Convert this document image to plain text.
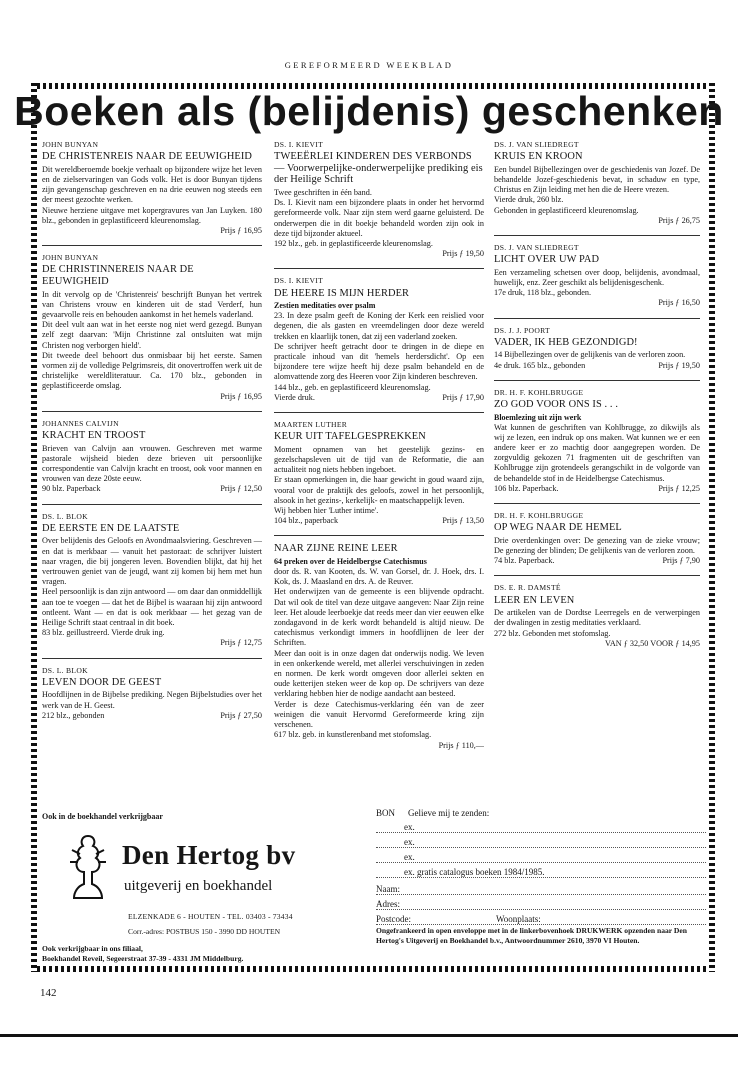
GEREFORMEERD WEEKBLAD
Boeken als (belijdenis) geschenken
JOHN BUNYAN
DE CHRISTENREIS NAAR DE EEUWIGHEID

Dit wereldberoemde boekje verhaalt op bijzondere wijze het leven en de zielservaringen van Gods volk. Het is door Bunyan tijdens zijn gevangenschap geschreven en na drie eeuwen nog steeds een der meest gezochte werken.

Nieuwe herziene uitgave met kopergravures van Jan Luyken. 180 blz., gebonden in geplastificeerd kleurenomslag.

Prijs ƒ 16,95
JOHN BUNYAN
DE CHRISTINNEREIS NAAR DE EEUWIGHEID

In dit vervolg op de 'Christenreis' beschrijft Bunyan het vertrek van Christens vrouw en kinderen uit de stad Verderf, hun gevaarvolle reis en behouden aankomst in het hemels vaderland.

Dit deel vult aan wat in het eerste nog niet werd gezegd. Bunyan zelf zegt daarvan: 'Mijn Christinne zal ontsluiten wat mijn Christen nog verborgen hield'.

Dit tweede deel behoort dus onmisbaar bij het eerste. Samen vormen zij de volledige Pelgrimsreis, dit onovertroffen werk uit de christelijke wereldliteratuur. Ca. 170 blz., gebonden in geplastificeerde omslag.

Prijs ƒ 16,95
JOHANNES CALVIJN
KRACHT EN TROOST

Brieven van Calvijn aan vrouwen. Geschreven met warme pastorale wijsheid bieden deze brieven uit persoonlijke correspondentie van Calvijn kracht en troost, ook voor mannen en vrouwen van deze 20ste eeuw.

90 blz. Paperback	Prijs ƒ 12,50
DS. L. BLOK
DE EERSTE EN DE LAATSTE

Over belijdenis des Geloofs en Avondmaalsviering. Geschreven — en dat is merkbaar — vanuit het pastoraat: de schrijver luistert naar vragen, die bij jongeren leven. Bovendien blijkt, dat hij het vertrouwen geniet van de jeugd, want zij komen bij hem met hun vragen.

Heel persoonlijk is dan zijn antwoord — om daar dan onmiddellijk aan toe te voegen — dat het de Bijbel is waaraan hij zijn antwoord ontleent. Want — en dat is ook merkbaar — het gezag van de Heilige Schrift staat centraal in dit boek.

83 blz. geillustreerd. Vierde druk ing.

Prijs ƒ 12,75
DS. L. BLOK
LEVEN DOOR DE GEEST

Hoofdlijnen in de Bijbelse prediking. Negen Bijbelstudies over het werk van de H. Geest.

212 blz., gebonden	Prijs ƒ 27,50
DS. I. KIEVIT
TWEEËRLEI KINDEREN DES VERBONDS — Voorwerpelijke-onderwerpelijke prediking eis der Heilige Schrift

Twee geschriften in één band.

Ds. I. Kievit nam een bijzondere plaats in onder het hervormd gereformeerde volk. Naar zijn stem werd gaarne geluisterd. De onderwerpen die in dit boekje behandeld worden zijn ook in deze tijd bijzonder aktueel.

192 blz., geb. in geplastificeerde kleurenomslag.

Prijs ƒ 19,50
DS. I. KIEVIT
DE HEERE IS MIJN HERDER
Zestien meditaties over psalm

23. In deze psalm geeft de Koning der Kerk een reislied voor degenen, die als gasten en vreemdelingen door deze wereld trekken en klaarlijk tonen, dat zij een vaderland zoeken.

De schrijver heeft getracht door te dringen in de diepe en practicale inhoud van dit 'hemels herdersdicht'. Op een bijzondere tere wijze heeft hij deze psalm behandeld en de alomvattende zorg des Heeren voor Zijn kinderen beschreven.

144 blz., geb. en geplastificeerd kleurenomslag.

Vierde druk.	Prijs ƒ 17,90
MAARTEN LUTHER
KEUR UIT TAFELGESPREKKEN

Moment opnamen van het geestelijk gezins- en gezelschapsleven uit de tijd van de Reformatie, die aan actualiteit nog niets hebben ingeboet.

Er staan opmerkingen in, die haar gewicht in goud waard zijn, vooral voor de praktijk des geloofs, zowel in het persoonlijk, alsook in het gezins-, kerkelijk- en maatschappelijk leven.

Wij hebben hier 'Luther intime'.

104 blz., paperback	Prijs ƒ 13,50
NAAR ZIJNE REINE LEER
64 preken over de Heidelbergse Catechismus

door ds. R. van Kooten, ds. W. van Gorsel, dr. J. Hoek, drs. I. Kok, ds. J. Maasland en drs. A. de Reuver.

Het onderwijzen van de gemeente is een blijvende opdracht. Dat wil ook de titel van deze uitgave aangeven: Naar Zijn reine leer. Het aloude leerboekje dat reeds meer dan vier eeuwen elke zondagavond in de kerk wordt behandeld is altijd nieuw. De catechismus verkondigt immers in hoofdlijnen de leer der Schriften.

Meer dan ooit is in onze dagen dat onderwijs nodig. We leven in een onkerkende wereld, met allerlei verschuivingen in zeden en normen. De kerk wordt omgeven door allerlei sekten en oude ketterijen steken weer de kop op. De schrijvers van deze verklaring hebben hier de nodige aandacht aan besteed.

Verder is deze Catechismus-verklaring één van de zeer weinigen die vanuit Hervormd Gereformeerde kring zijn verschenen.

617 blz. geb. in kunstlerenband met stofomslag.

Prijs ƒ 110,—
DS. J. VAN SLIEDREGT
KRUIS EN KROON

Een bundel Bijbellezingen over de geschiedenis van Jozef. De behandelde Jozef-geschiedenis bevat, in schaduw en type, Christus en Zijn leiding met hen die de Heere vrezen.

Vierde druk, 260 blz.

Gebonden in geplastificeerd kleurenomslag.

Prijs ƒ 26,75
DS. J. VAN SLIEDREGT
LICHT OVER UW PAD

Een verzameling schetsen over doop, belijdenis, avondmaal, huwelijk, enz. Zeer geschikt als belijdenisgeschenk.

17e druk, 118 blz., gebonden.

Prijs ƒ 16,50
DS. J. J. POORT
VADER, IK HEB GEZONDIGD!

14 Bijbellezingen over de gelijkenis van de verloren zoon.

4e druk. 165 blz., gebonden	Prijs ƒ 19,50
DR. H. F. KOHLBRUGGE
ZO GOD VOOR ONS IS . . .
Bloemlezing uit zijn werk

Wat kunnen de geschriften van Kohlbrugge, zo dikwijls als wij ze lezen, een indruk op ons maken. Wat kunnen we er een andere keer er zo machtig door aangegrepen worden. De zorgvuldig gekozen 71 fragmenten uit de geschriften van Kohlbrugge zijn grotendeels gerangschikt in de volgorde van de behandelde stof in de Heidelbergse Catechismus.

106 blz. Paperback.	Prijs ƒ 12,25
DR. H. F. KOHLBRUGGE
OP WEG NAAR DE HEMEL

Drie overdenkingen over: De genezing van de zieke vrouw; De genezing der blinden; De gelijkenis van de verloren zoon.

74 blz. Paperback.	Prijs ƒ 7,90
DS. E. R. DAMSTÉ
LEER EN LEVEN

De artikelen van de Dordtse Leerregels en de verwerpingen der dwalingen in zestig meditaties verklaard.

272 blz. Gebonden met stofomslag.

VAN ƒ 32,50 VOOR ƒ 14,95
Ook in de boekhandel verkrijgbaar
Den Hertog bv
uitgeverij en boekhandel
ELZENKADE 6 - HOUTEN - TEL. 03403 - 73434
Corr.-adres: POSTBUS 150 - 3990 DD HOUTEN
Ook verkrijgbaar in ons filiaal,
Boekhandel Reveil, Segeerstraat 37-39 - 4331 JM Middelburg.
BON Gelieve mij te zenden:
ex.
ex.
ex.
ex. gratis catalogus boeken 1984/1985.
Naam:
Adres:
Postcode:	Woonplaats:
Ongefrankeerd in open enveloppe met in de linkerbovenhoek DRUKWERK opzenden naar Den Hertog's Uitgeverij en Boekhandel b.v., Antwoordnummer 2610, 3970 VI Houten.
142
